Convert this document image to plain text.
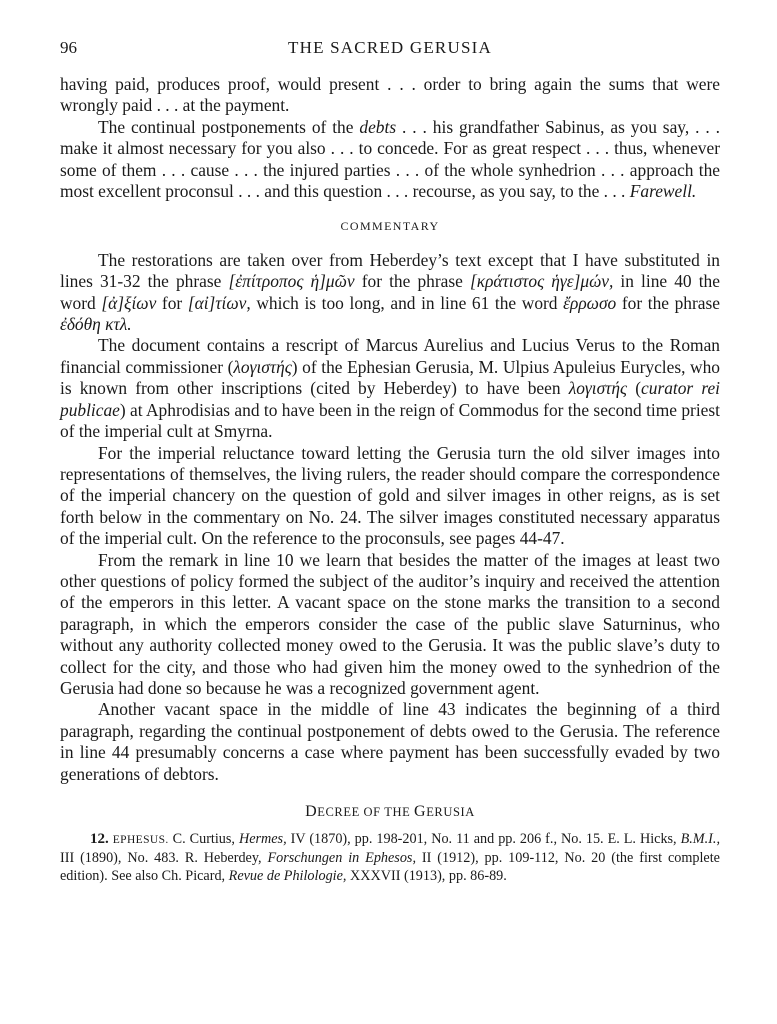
96	THE SACRED GERUSIA

having paid, produces proof, would present . . . order to bring again the sums that were wrongly paid . . . at the payment.

The continual postponements of the debts . . . his grandfather Sabinus, as you say, . . . make it almost necessary for you also . . . to concede. For as great respect . . . thus, whenever some of them . . . cause . . . the injured parties . . . of the whole synhedrion . . . approach the most excellent proconsul . . . and this question . . . recourse, as you say, to the . . . Farewell.

COMMENTARY

The restorations are taken over from Heberdey’s text except that I have substituted in lines 31-32 the phrase [ἐπίτροπος ἡ]μῶν for the phrase [κράτιστος ἡγε]μών, in line 40 the word [ἀ]ξίων for [αἰ]τίων, which is too long, and in line 61 the word ἔρρωσο for the phrase ἐδόθη κτλ.

The document contains a rescript of Marcus Aurelius and Lucius Verus to the Roman financial commissioner (λογιστής) of the Ephesian Gerusia, M. Ulpius Apuleius Eurycles, who is known from other inscriptions (cited by Heberdey) to have been λογιστής (curator rei publicae) at Aphrodisias and to have been in the reign of Commodus for the second time priest of the imperial cult at Smyrna.

For the imperial reluctance toward letting the Gerusia turn the old silver images into representations of themselves, the living rulers, the reader should compare the correspondence of the imperial chancery on the question of gold and silver images in other reigns, as is set forth below in the commentary on No. 24. The silver images constituted necessary apparatus of the imperial cult. On the reference to the proconsuls, see pages 44-47.

From the remark in line 10 we learn that besides the matter of the images at least two other questions of policy formed the subject of the auditor’s inquiry and received the attention of the emperors in this letter. A vacant space on the stone marks the transition to a second paragraph, in which the emperors consider the case of the public slave Saturninus, who without any authority collected money owed to the Gerusia. It was the public slave’s duty to collect for the city, and those who had given him the money owed to the synhedrion of the Gerusia had done so because he was a recognized government agent.

Another vacant space in the middle of line 43 indicates the beginning of a third paragraph, regarding the continual postponement of debts owed to the Gerusia. The reference in line 44 presumably concerns a case where payment has been successfully evaded by two generations of debtors.

DECREE OF THE GERUSIA

12. EPHESUS. C. Curtius, Hermes, IV (1870), pp. 198-201, No. 11 and pp. 206 f., No. 15. E. L. Hicks, B.M.I., III (1890), No. 483. R. Heberdey, Forschungen in Ephesos, II (1912), pp. 109-112, No. 20 (the first complete edition). See also Ch. Picard, Revue de Philologie, XXXVII (1913), pp. 86-89.
